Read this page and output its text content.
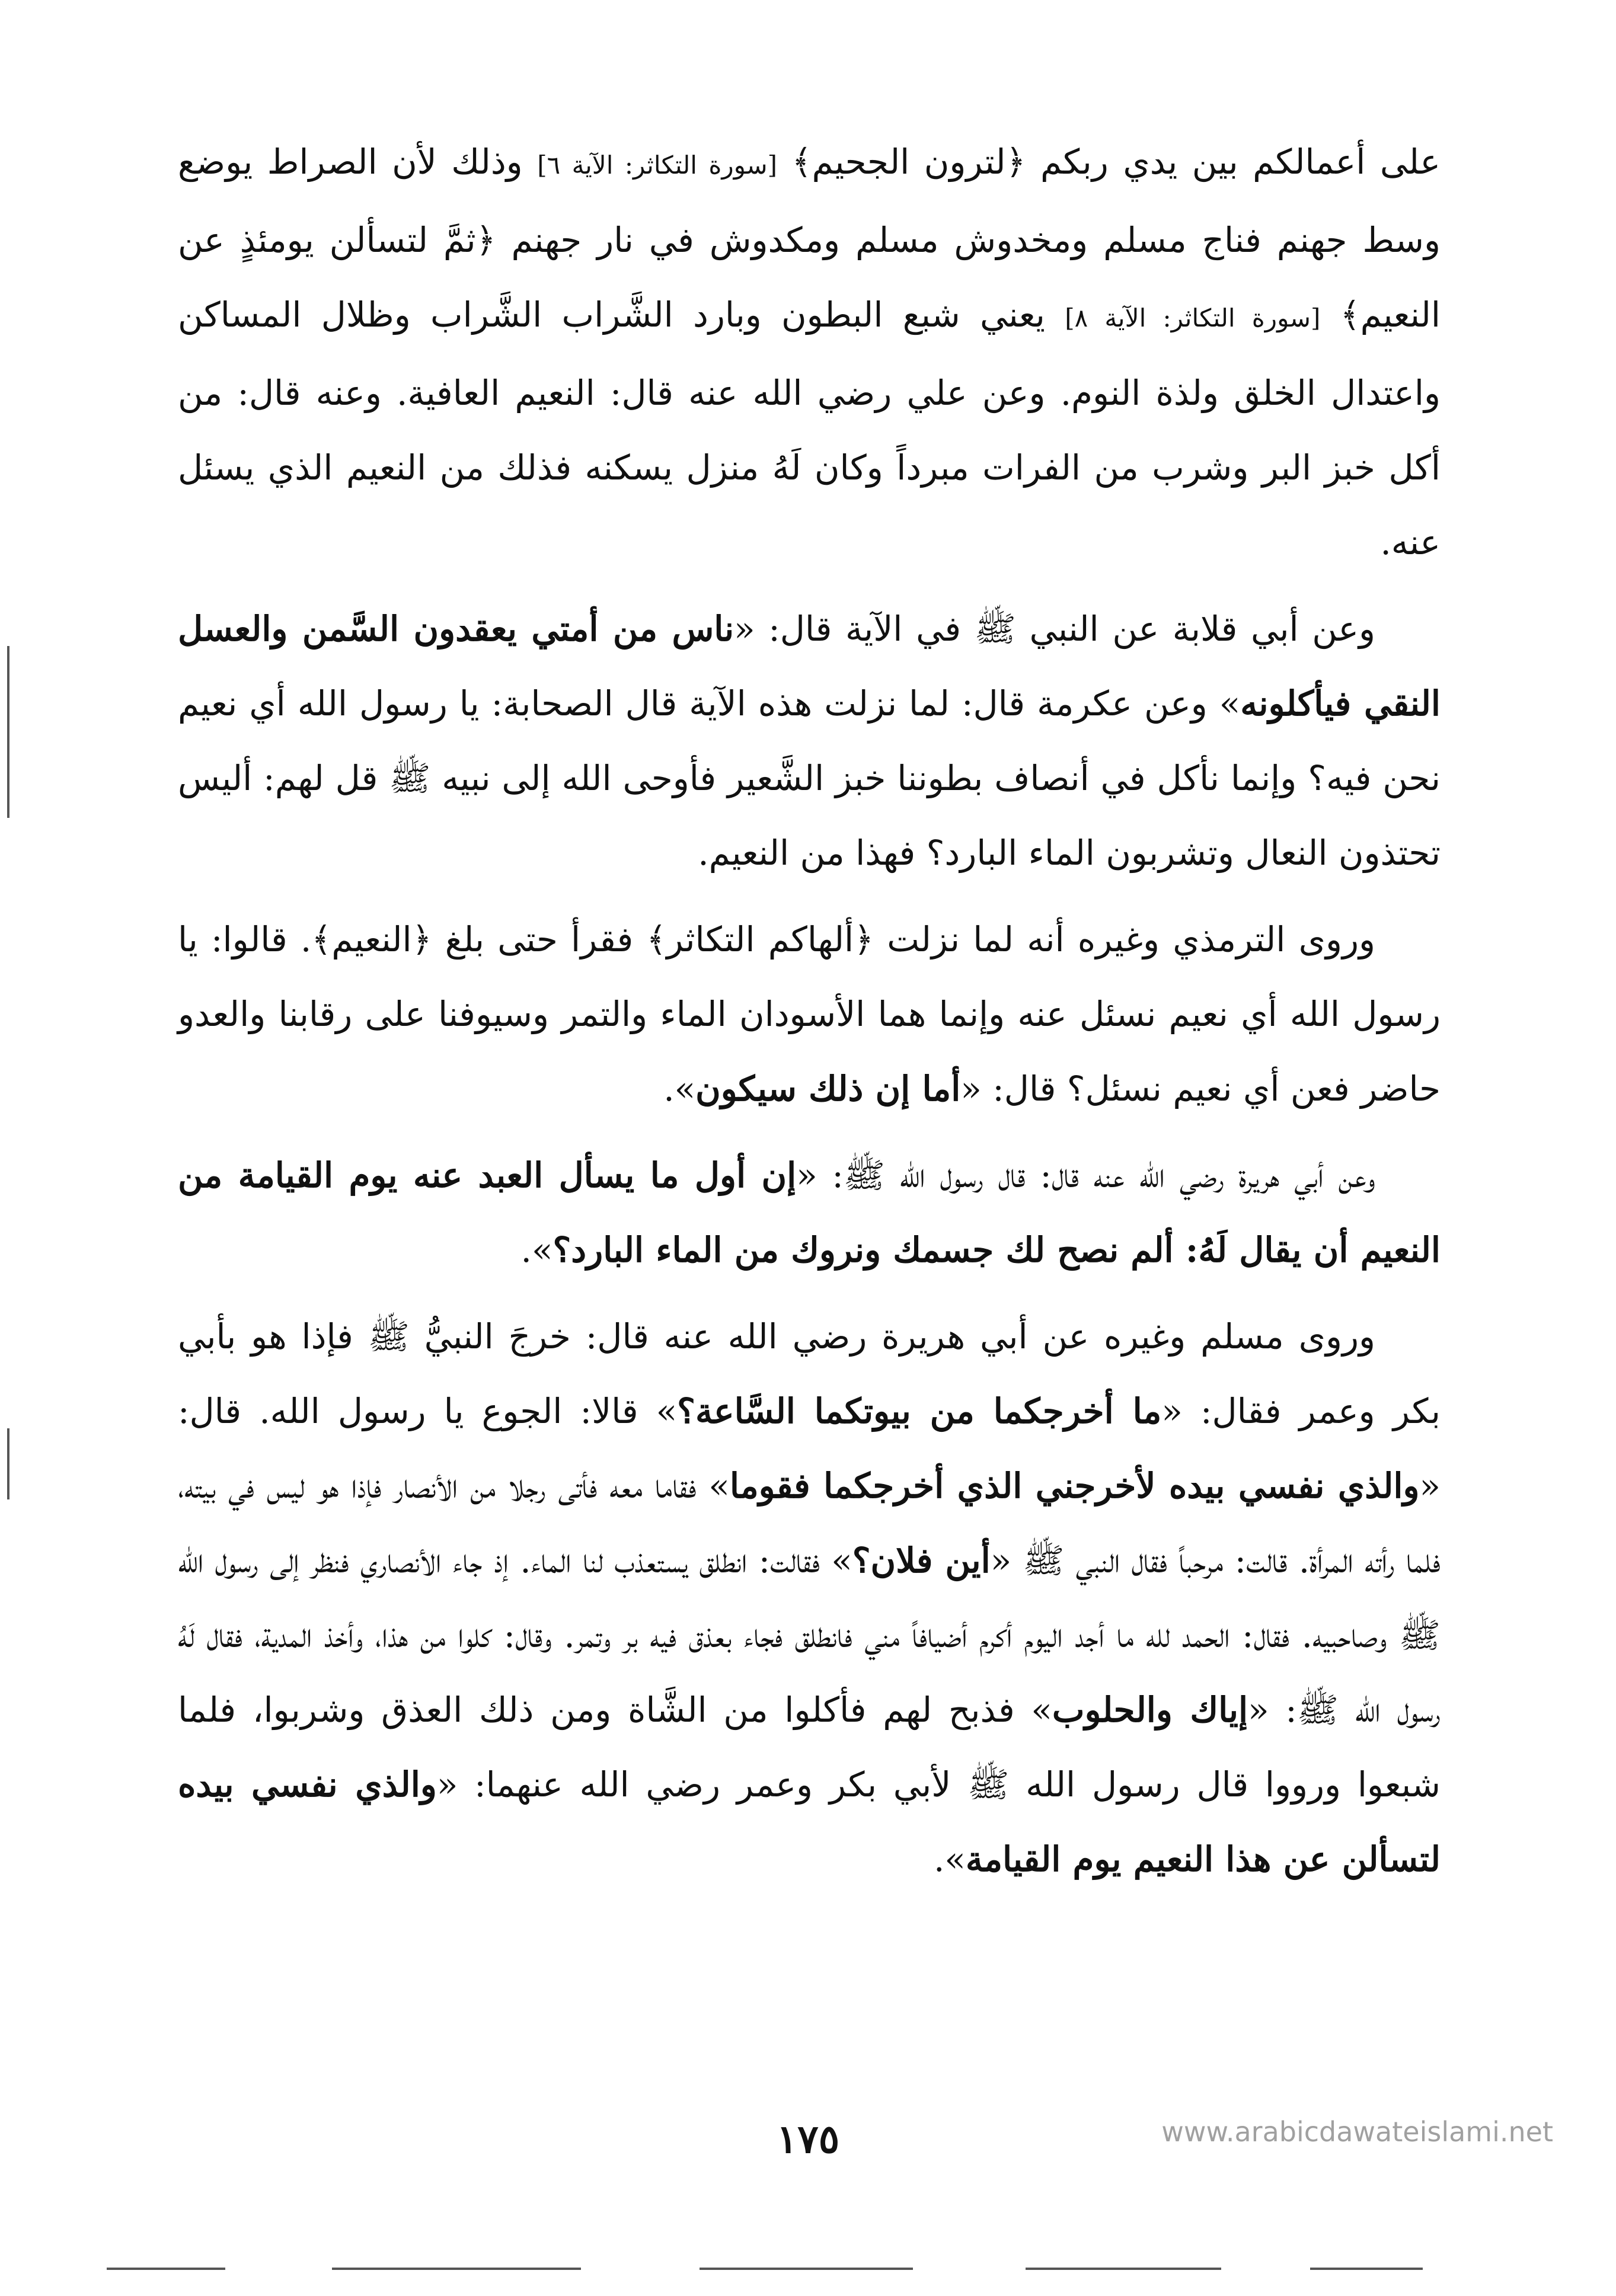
على أعمالكم بين يدي ربكم ﴿لترون الجحيم﴾ [سورة التكاثر: الآية ٦] وذلك لأن الصراط يوضع وسط جهنم فناج مسلم ومخدوش مسلم ومكدوش في نار جهنم ﴿ثمَّ لتسألن يومئذٍ عن النعيم﴾ [سورة التكاثر: الآية ٨] يعني شبع البطون وبارد الشَّراب الشَّراب وظلال المساكن واعتدال الخلق ولذة النوم. وعن علي رضي الله عنه قال: النعيم العافية. وعنه قال: من أكل خبز البر وشرب من الفرات مبرداً وكان لَهُ منزل يسكنه فذلك من النعيم الذي يسئل عنه.

وعن أبي قلابة عن النبي ﷺ في الآية قال: «ناس من أمتي يعقدون السَّمن والعسل النقي فيأكلونه» وعن عكرمة قال: لما نزلت هذه الآية قال الصحابة: يا رسول الله أي نعيم نحن فيه؟ وإنما نأكل في أنصاف بطوننا خبز الشَّعير فأوحى الله إلى نبيه ﷺ قل لهم: أليس تحتذون النعال وتشربون الماء البارد؟ فهذا من النعيم.

وروى الترمذي وغيره أنه لما نزلت ﴿ألهاكم التكاثر﴾ فقرأ حتى بلغ ﴿النعيم﴾. قالوا: يا رسول الله أي نعيم نسئل عنه وإنما هما الأسودان الماء والتمر وسيوفنا على رقابنا والعدو حاضر فعن أي نعيم نسئل؟ قال: «أما إن ذلك سيكون».

وعن أبي هريرة رضي الله عنه قال: قال رسول الله ﷺ: «إن أول ما يسأل العبد عنه يوم القيامة من النعيم أن يقال لَهُ: ألم نصح لك جسمك ونروك من الماء البارد؟».

وروى مسلم وغيره عن أبي هريرة رضي الله عنه قال: خرجَ النبيُّ ﷺ فإذا هو بأبي بكر وعمر فقال: «ما أخرجكما من بيوتكما السَّاعة؟» قالا: الجوع يا رسول الله. قال: «والذي نفسي بيده لأخرجني الذي أخرجكما فقوما» فقاما معه فأتى رجلا من الأنصار فإذا هو ليس في بيته، فلما رأته المرأة. قالت: مرحباً فقال النبي ﷺ «أين فلان؟» فقالت: انطلق يستعذب لنا الماء. إذ جاء الأنصاري فنظر إلى رسول الله ﷺ وصاحبيه. فقال: الحمد لله ما أجد اليوم أكرم أضيافاً مني فانطلق فجاء بعذق فيه بر وتمر. وقال: كلوا من هذا، وأخذ المدية، فقال لَهُ رسول الله ﷺ: «إياك والحلوب» فذبح لهم فأكلوا من الشَّاة ومن ذلك العذق وشربوا، فلما شبعوا ورووا قال رسول الله ﷺ لأبي بكر وعمر رضي الله عنهما: «والذي نفسي بيده لتسألن عن هذا النعيم يوم القيامة».

١٧٥	www.arabicdawateislami.net
